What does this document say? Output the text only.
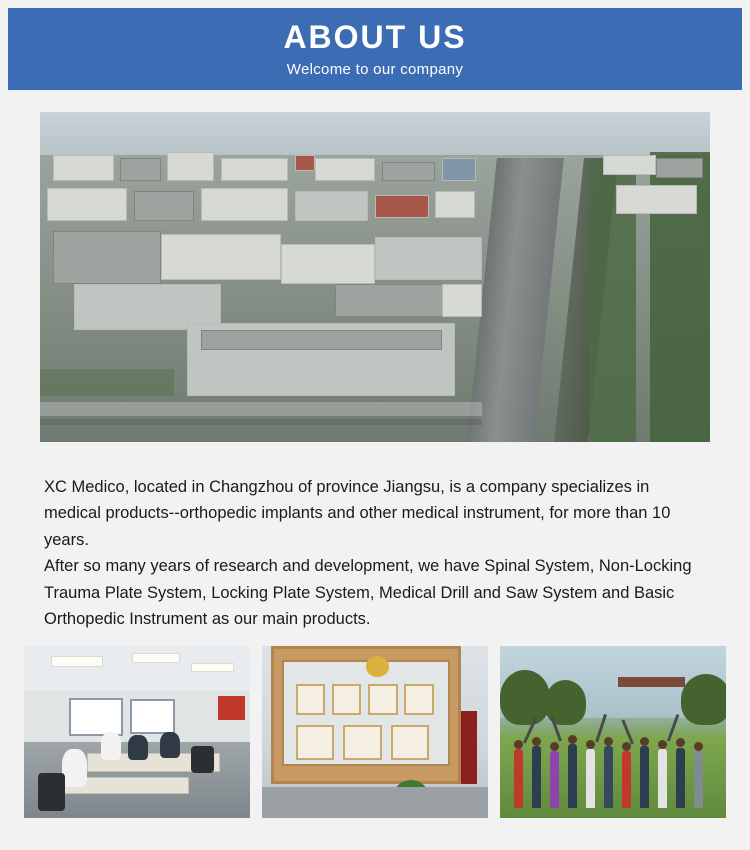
ABOUT US
Welcome to our company

XC Medico, located in Changzhou of province Jiangsu, is a company specializes in medical products--orthopedic implants and other medical instrument, for more than 10 years.

After so many years of research and development, we have Spinal System, Non-Locking Trauma Plate System, Locking Plate System, Medical Drill and Saw System and Basic Orthopedic Instrument as our main products.
